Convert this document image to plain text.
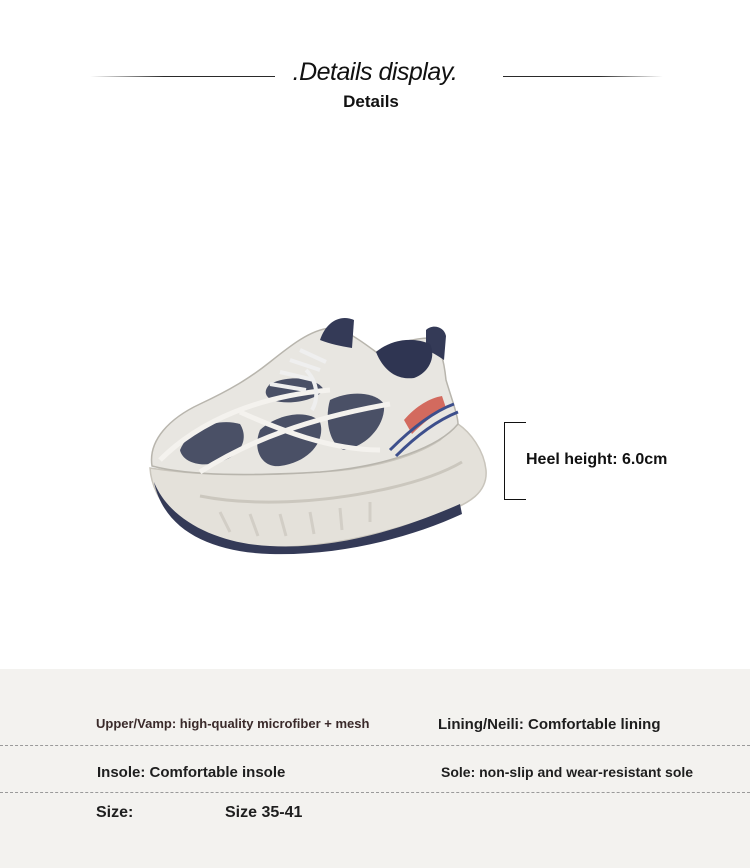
.Details display.
Details
Heel height: 6.0cm
Upper/Vamp: high-quality microfiber + mesh	Lining/Neili: Comfortable lining
Insole: Comfortable insole	Sole: non-slip and wear-resistant sole
Size:	Size 35-41
